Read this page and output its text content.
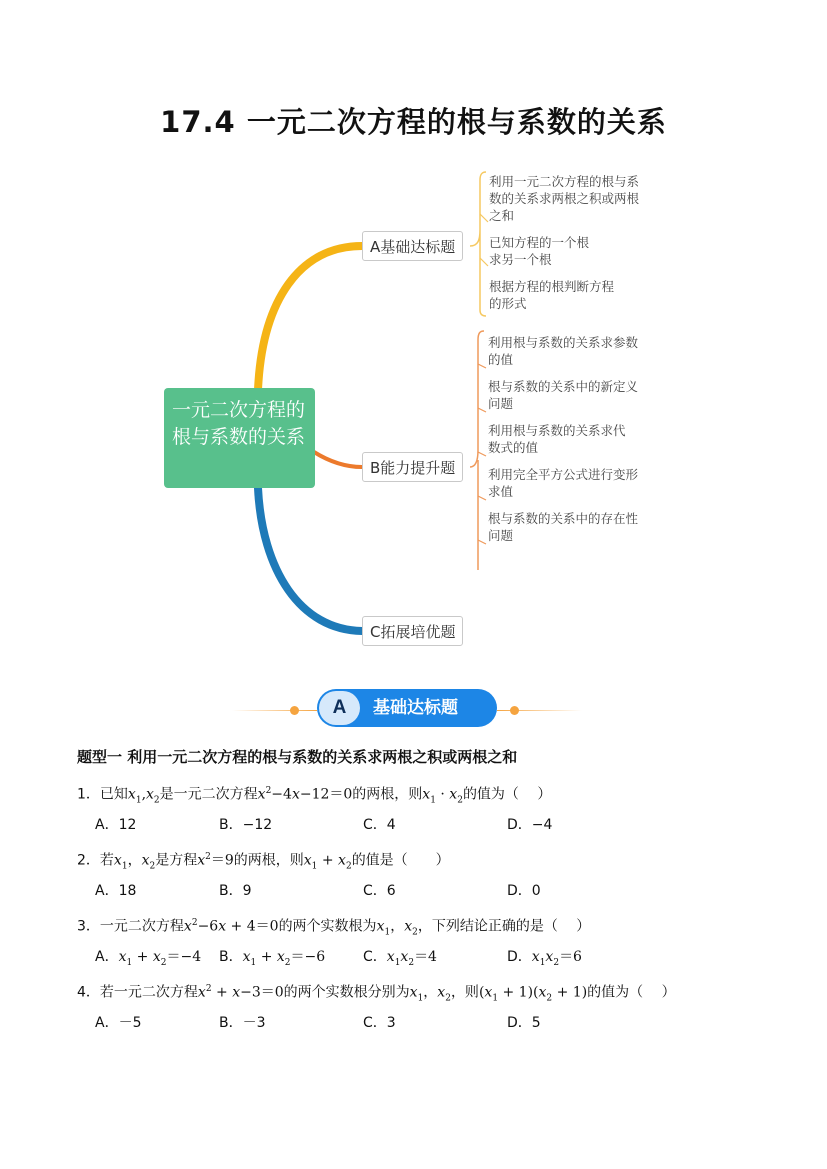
17.4 一元二次方程的根与系数的关系
一元二次方程的根与系数的关系
A基础达标题
B能力提升题
C拓展培优题
利用一元二次方程的根与系数的关系求两根之积或两根之和
已知方程的一个根求另一个根
根据方程的根判断方程的形式
利用根与系数的关系求参数的值
根与系数的关系中的新定义问题
利用根与系数的关系求代数式的值
利用完全平方公式进行变形求值
根与系数的关系中的存在性问题
A	基础达标题
题型一 利用一元二次方程的根与系数的关系求两根之积或两根之和
1．已知$x_1,x_2$是一元二次方程$x^2-4x-12=0$的两根，则$x_1 \cdot x_2$的值为（　 ）
A．12	B．−12	C．4	D．−4
2．若$x_1$，$x_2$是方程$x^2=9$的两根，则$x_1 + x_2$的值是（　　）
A．18	B．9	C．6	D．0
3．一元二次方程$x^2-6x + 4=0$的两个实数根为$x_1$，$x_2$，下列结论正确的是（　 ）
A．$x_1 + x_2=-4$ B．$x_1 + x_2=-6$	C．$x_1x_2=4$	D．$x_1x_2=6$
4．若一元二次方程$x^2 + x-3=0$的两个实数根分别为$x_1$，$x_2$，则$(x_1 + 1)(x_2 + 1)$的值为（　 ）
A．－5	B．－3	C．3	D．5
